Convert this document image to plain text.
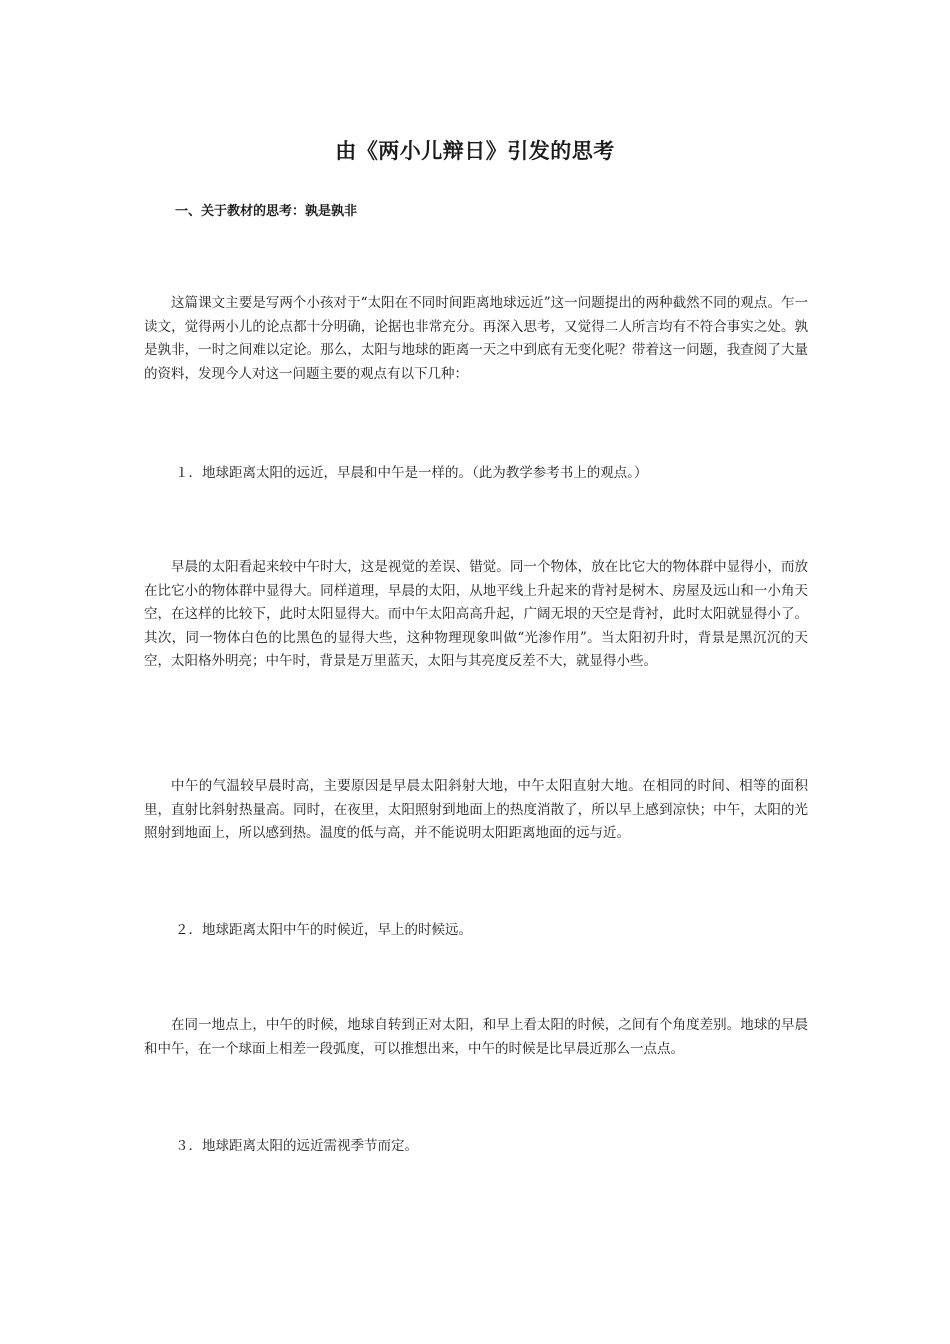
由《两小儿辩日》引发的思考
一、关于教材的思考：孰是孰非

这篇课文主要是写两个小孩对于“太阳在不同时间距离地球远近”这一问题提出的两种截然不同的观点。乍一读文，觉得两小儿的论点都十分明确，论据也非常充分。再深入思考，又觉得二人所言均有不符合事实之处。孰是孰非，一时之间难以定论。那么，太阳与地球的距离一天之中到底有无变化呢？带着这一问题，我查阅了大量的资料，发现今人对这一问题主要的观点有以下几种：

１．地球距离太阳的远近，早晨和中午是一样的。（此为教学参考书上的观点。）

早晨的太阳看起来较中午时大，这是视觉的差误、错觉。同一个物体，放在比它大的物体群中显得小，而放在比它小的物体群中显得大。同样道理，早晨的太阳，从地平线上升起来的背衬是树木、房屋及远山和一小角天空，在这样的比较下，此时太阳显得大。而中午太阳高高升起，广阔无垠的天空是背衬，此时太阳就显得小了。其次，同一物体白色的比黑色的显得大些，这种物理现象叫做“光渗作用”。当太阳初升时，背景是黑沉沉的天空，太阳格外明亮；中午时，背景是万里蓝天，太阳与其亮度反差不大，就显得小些。

中午的气温较早晨时高，主要原因是早晨太阳斜射大地，中午太阳直射大地。在相同的时间、相等的面积里，直射比斜射热量高。同时，在夜里，太阳照射到地面上的热度消散了，所以早上感到凉快；中午，太阳的光照射到地面上，所以感到热。温度的低与高，并不能说明太阳距离地面的远与近。

２．地球距离太阳中午的时候近，早上的时候远。

在同一地点上，中午的时候，地球自转到正对太阳，和早上看太阳的时候，之间有个角度差别。地球的早晨和中午，在一个球面上相差一段弧度，可以推想出来，中午的时候是比早晨近那么一点点。

３．地球距离太阳的远近需视季节而定。
